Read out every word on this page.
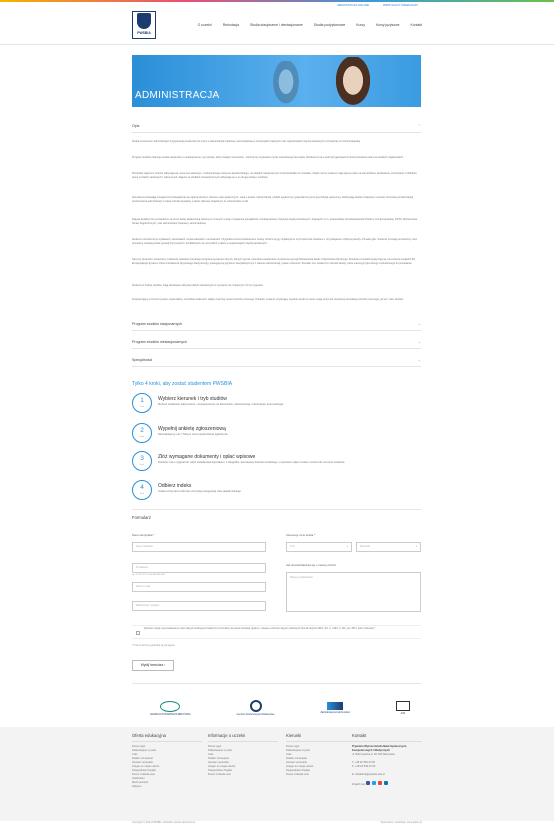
REKRUTACJA ONLINE	WIRTUALNY DZIEKANAT
PWSBIA
O uczelni	Rekrutacja	Studia stacjonarne i niestacjonarne	Studia podyplomowe	Kursy	Kursy językowe	Kontakt
ADMINISTRACJA
Opis	⌃
Studia na kierunku 'administracja' przygotowują studentów do pracy w administracji rządowej i samorządowej w instytucjach krajowych oraz organizacjach międzynarodowych szczególnie w Unii Europejskiej.
Program studiów obejmuje studia stacjonarne i niestacjonarne I-go stopnia, które trwają 6 semestrów - kończą się uzyskaniem tytułu zawodowego licencjata. Absolwenci są w pełni przygotowani do kontynuowania nauki na studiach magisterskich.
Wszystkie zajęcia w Uczelni odbywają się na terenie własnego - funkcjonalnego campusu akademickiego, na studiach stacjonarnych od poniedziałku do czwartku, dzięki czemu studenci mają więcej czasu na samodzielne studiowanie, korzystanie z biblioteki, pracę w kołach naukowych i odpoczynek. Zajęcia na studiach niestacjonarnych odbywają się w co drugą sobotę i niedzielę.
Absolwenci posiadają umiejętności posługiwania się ogólną wiedzą z zakresu nauk społecznych, nauk o prawie i administracji, polityki społecznej i gospodarczej oraz psychologii społecznej. Zdobywają wiedzę związaną z szeroko rozumianą problematyką porównawczą administracji z prawa Unii Europejskiej, a także zakresie związanym ze członkostwie w UE.
Zajęcia dydaktyczne prowadzone są przez kadrę akademicką złożoną ze znanych w kraju i zagranicą specjalistów. Funkcjonariuszy instytucji międzynarodowych i krajowych m.in. pracowników przedstawicielstw Polski w Unii Europejskiej, NATO, Ministerstwa Spraw Zagranicznych, oraz administracji rządowej i samorządowej.
Studenci uczestniczą w wykładach, warsztatach, konwersatoriach i seminariach. Oryginalna forma kształcenia w naszej Uczelni są gry dydaktyczne czyli ćwiczenia związane z przyswajaniem zdobytej wiedzy. Ponadto gier. Studenci poznają mechanizmy oraz procedury rozwiązywania sytuacji kryzysowych i konfliktowych we wszystkich a także w organizacjach międzynarodowych.
Naszym studentom stwarzamy możliwość realizacji szerokiego programu językowo obcych, których wymiar nauczania wielokrotnie przekracza wymogi Ministerstwa Nauki i Szkolnictwa Wyższego. Absolwenci studiów legitymują się na poziomie biegłości B2, Europejskiego Systemu Opisu Kształcenia Językowego Rady Europy, posługują się językiem specjalistycznym z zakresu administracji, prawa i ekonomii. Ponadto tzw. ostateczny mierniki wiedzy, które nauczą języka obcego rozbudzonego do posiadania.
Studenci w trakcie studiów, mają obowiązek odbycia praktyk zawodowych w wymiarze nie mniejszym niż trzy tygodnie.
Funkcjonujący w Uczelni system stypendialny, umożliwia studentom opłatę znacznej części kosztów czesnego. Ponadto, studenci uzyskujący wysokie wyniki w nauce mogą otrzymać częściową refundację kosztów czesnego, już po I roku studiów.
Program studiów stacjonarnych	⌄
Program studiów niestacjonarnych	⌄
Specjalności	⌄
Tylko 4 kroki, aby zostać studentem PWSBIA
1
krok
Wybierz kierunek i tryb studiów
Możesz studiować stacjonarnie i niestacjonarnie na kierunkach: administracja, informatyka, kosmetologia.
2
krok
Wypełnij ankietę zgłoszeniową
Skontaktujemy się z Tobą w celu potwierdzenia zgłoszenia
3
krok
Złóż wymagane dokumenty i opłać wpisowe
Dostarcz nam oryginał lub odpis świadectwa dojrzałości, 4 fotografie, kserokopię dowodu osobistego, a wpisowe opłać w kasie uczelni lub na konto bankowe
4
krok
Odbierz indeks
Indeks otrzymasz podczas uroczystej inauguracji roku akademickiego.
Formularz
Dane kandydata *
Imię i nazwisko
Nr telefonu
np. 22 222 22 22 lub 666 666 666
Adres e-mail
Wiadomość / pytanie
Interesuje mnie studia *
Tryb	▾	Kierunek	▾
Jak dowiedziałeś/aś się o naszej uczelni
Więcej o odpowiedzi
Wyrażam zgodę na przetwarzanie moich danych osobowych zawartych w formularzu do celów rekrutacji zgodnie z ustawą o ochronie danych osobowych dnia 29 sierpnia 1997r. (Dz. U. 1997r nr 133, poz. 883 z późn zmianami) *
* Pola oznaczone gwiazdką są wymagane
Wyślij formularz ›
AGENCJA WYDAWNICZA MEDYCZNA	Centrum Konferencyjno-Szkoleniowe
Zachodniopomorski Fundusz	ASK
Oferta edukacyjna
Donec eget
Pellentesque in justo
Cras
Nullam consequat
Aenean venenatis
Integer eu neque auctor
Suspendisse fringilla
Fusce molestie sem
Vestibulum
Morbi pulvinar
Aliquam
Informacje o uczelni
Donec eget
Pellentesque in justo
Cras
Nullam consequat
Aenean venenatis
Integer eu neque auctor
Suspendisse fringilla
Fusce molestie sem
Kierunki
Donec eget
Pellentesque in justo
Cras
Nullam consequat
Aenean venenatis
Integer eu neque auctor
Suspendisse fringilla
Fusce molestie sem
Kontakt
Prywatna Wyższa Szkoła Nauk Społecznych, Komputerowych i Medycznych
ul. Bobrowiecka 9, 00-728 Warszawa

T: +48 22 559 20 00
F: +48 22 559 22 80

E: dziekanat@pwsbia.edu.pl

Znajdź nas:
Copyright © 2014 PWSBIA. Wszelkie prawa zastrzeżone	Wykonanie i realizacja: www.jellnet.pl
